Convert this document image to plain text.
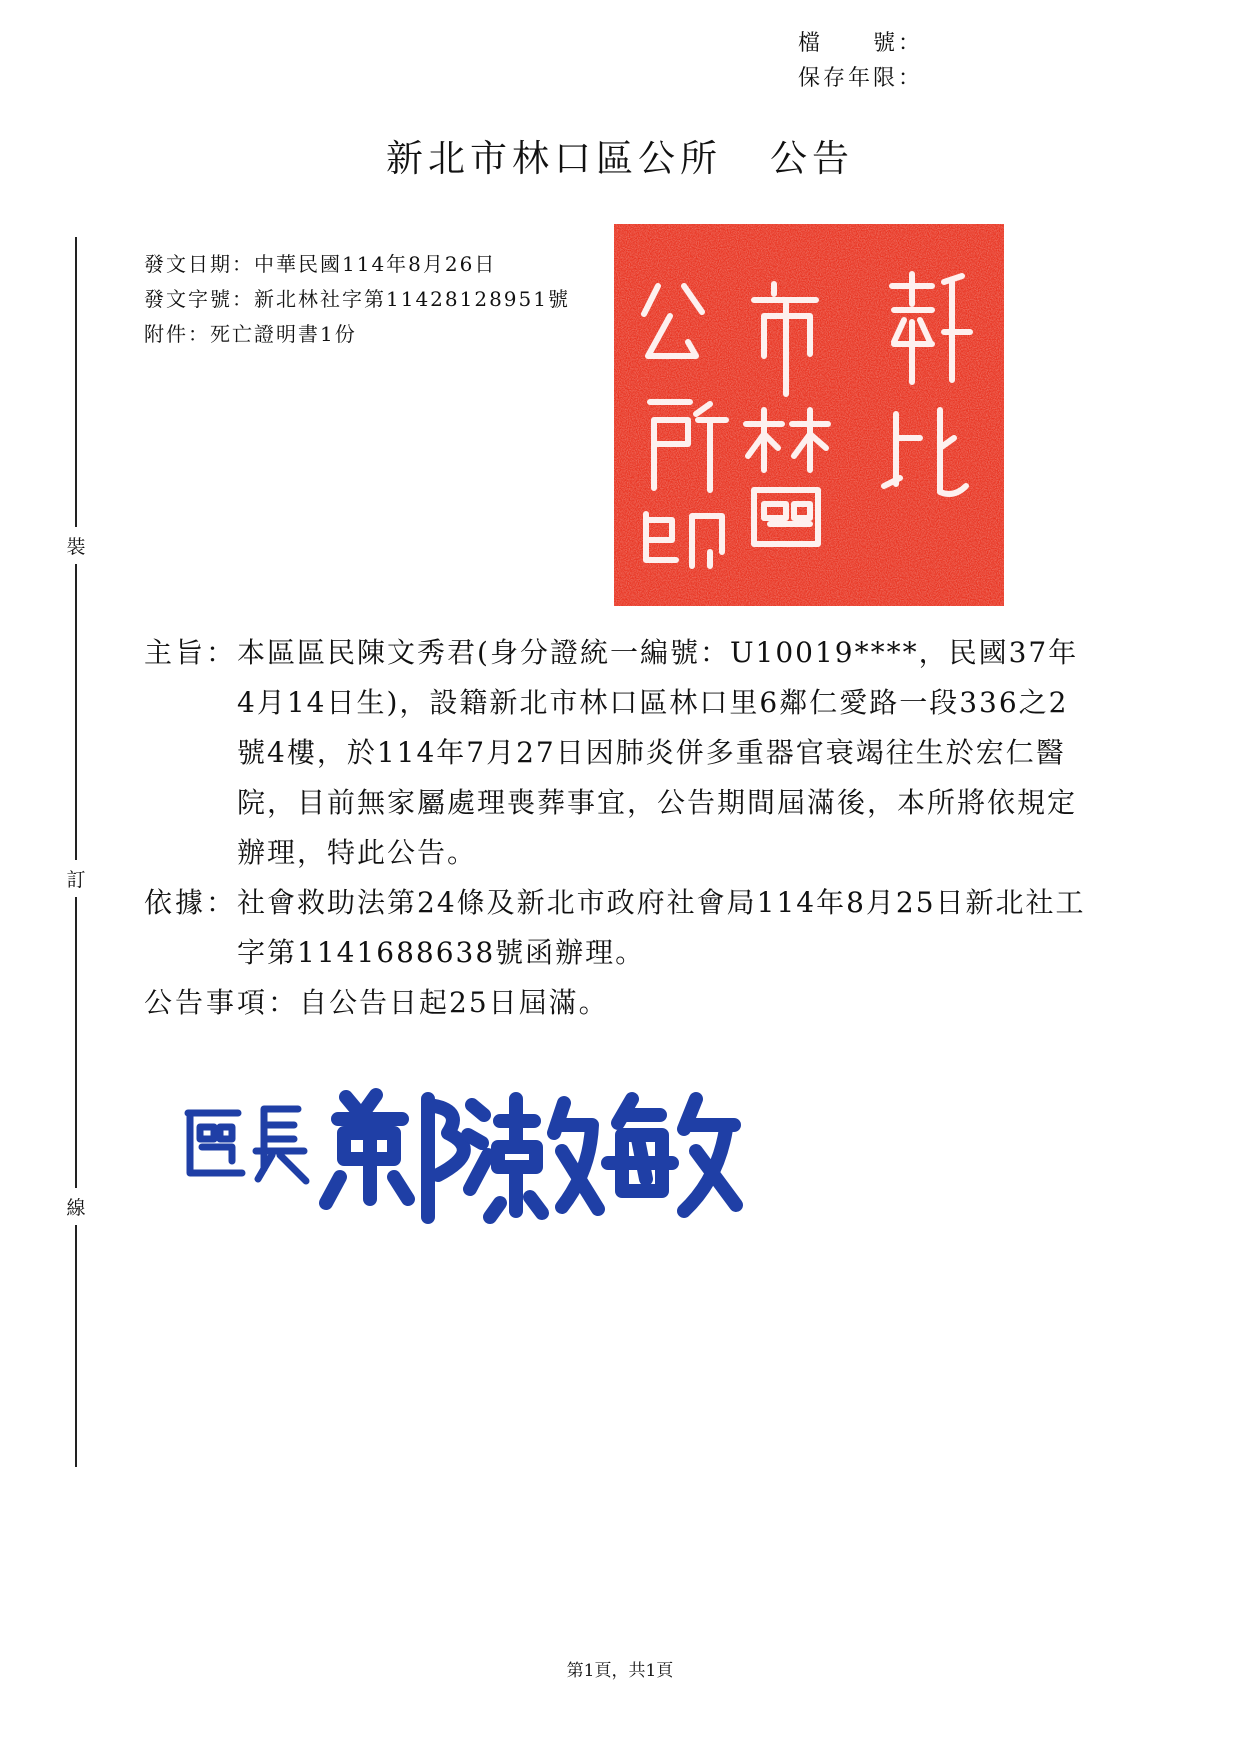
檔　　號：
保存年限：
新北市林口區公所 公告
裝
訂
線
發文日期：中華民國114年8月26日
發文字號：新北林社字第11428128951號
附件：死亡證明書1份
主旨： 本區區民陳文秀君(身分證統一編號：U10019****，民國37年4月14日生)，設籍新北市林口區林口里6鄰仁愛路一段336之2號4樓，於114年7月27日因肺炎併多重器官衰竭往生於宏仁醫院，目前無家屬處理喪葬事宜，公告期間屆滿後，本所將依規定辦理，特此公告。
依據： 社會救助法第24條及新北市政府社會局114年8月25日新北社工字第1141688638號函辦理。
公告事項： 自公告日起25日屆滿。
第1頁，共1頁
